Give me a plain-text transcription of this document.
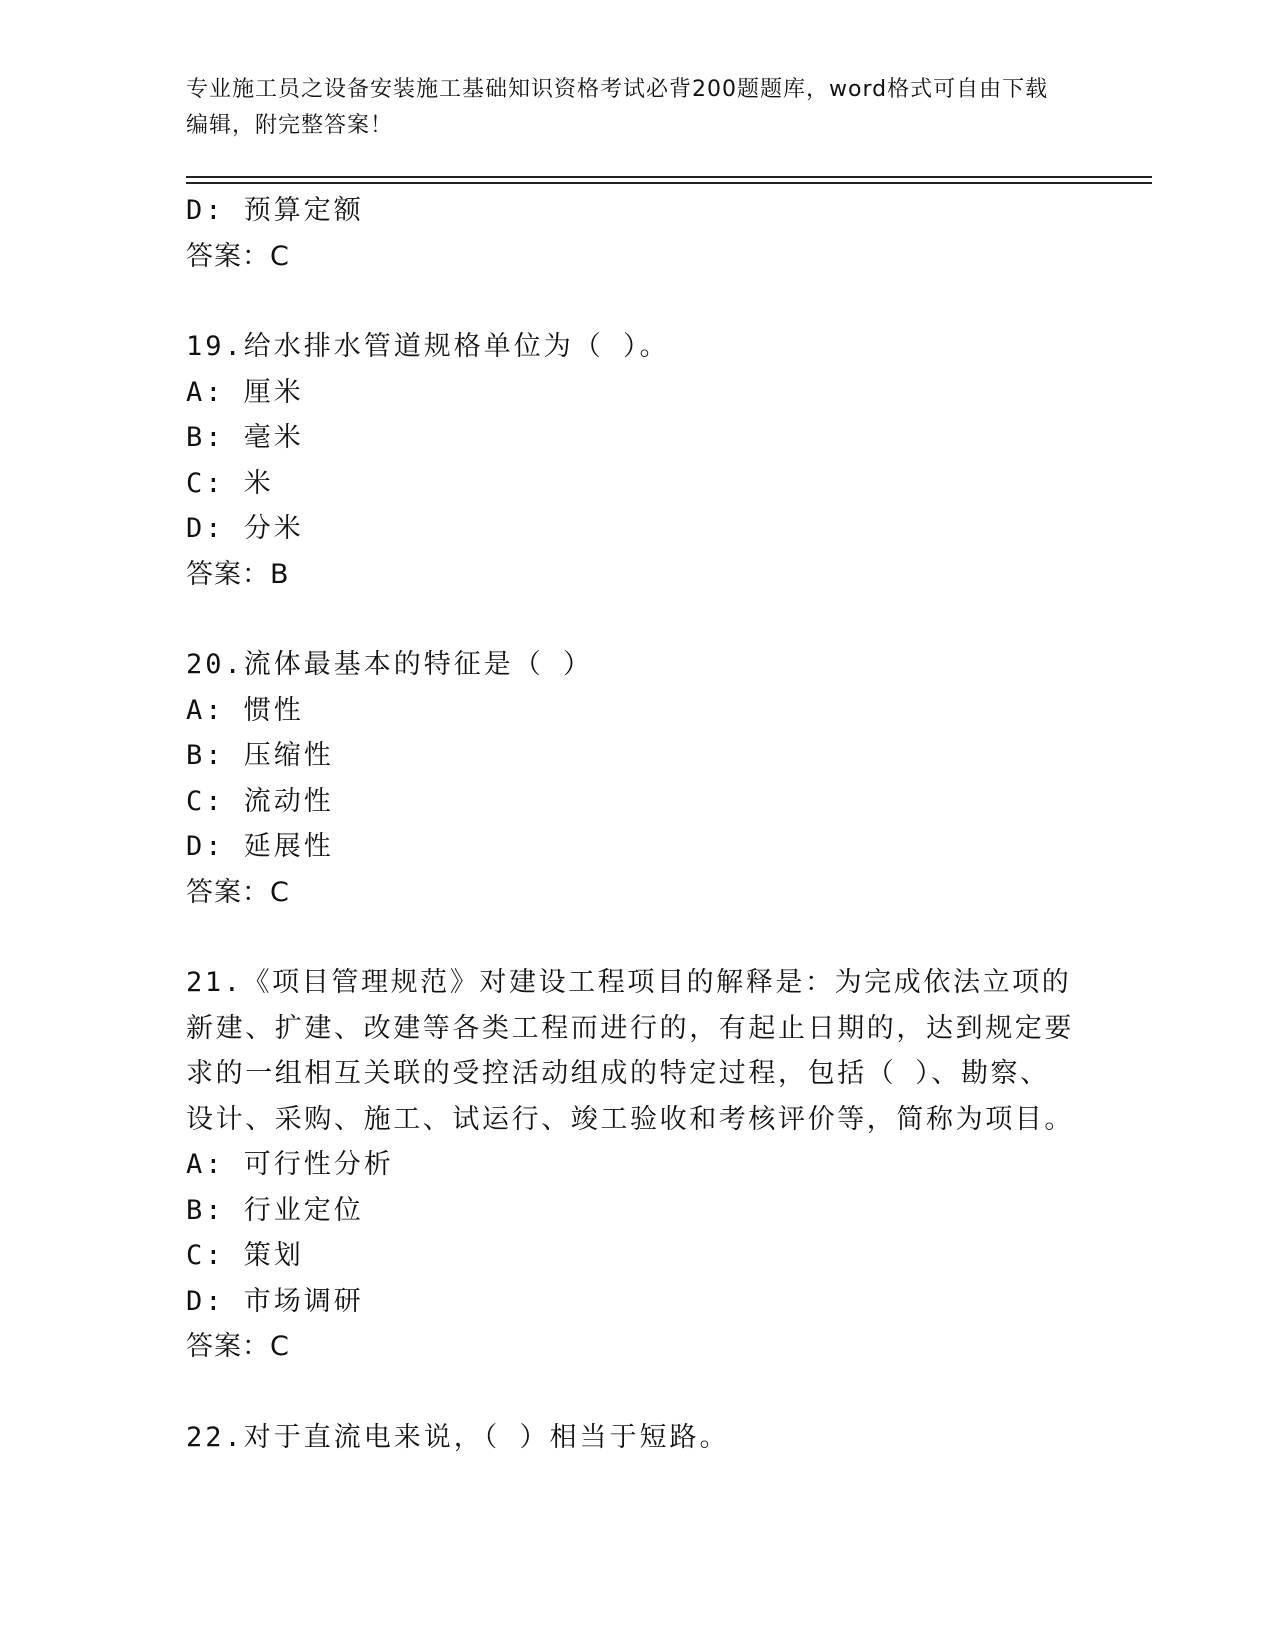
专业施工员之设备安装施工基础知识资格考试必背200题题库，word格式可自由下载编辑，附完整答案！
D: 预算定额
答案：C
19.给水排水管道规格单位为（ ）。
A: 厘米
B: 毫米
C: 米
D: 分米
答案：B
20.流体最基本的特征是（ ）
A: 惯性
B: 压缩性
C: 流动性
D: 延展性
答案：C
21.《项目管理规范》对建设工程项目的解释是：为完成依法立项的新建、扩建、改建等各类工程而进行的，有起止日期的，达到规定要求的一组相互关联的受控活动组成的特定过程，包括（ ）、勘察、设计、采购、施工、试运行、竣工验收和考核评价等，简称为项目。
A: 可行性分析
B: 行业定位
C: 策划
D: 市场调研
答案：C
22.对于直流电来说，（ ）相当于短路。
